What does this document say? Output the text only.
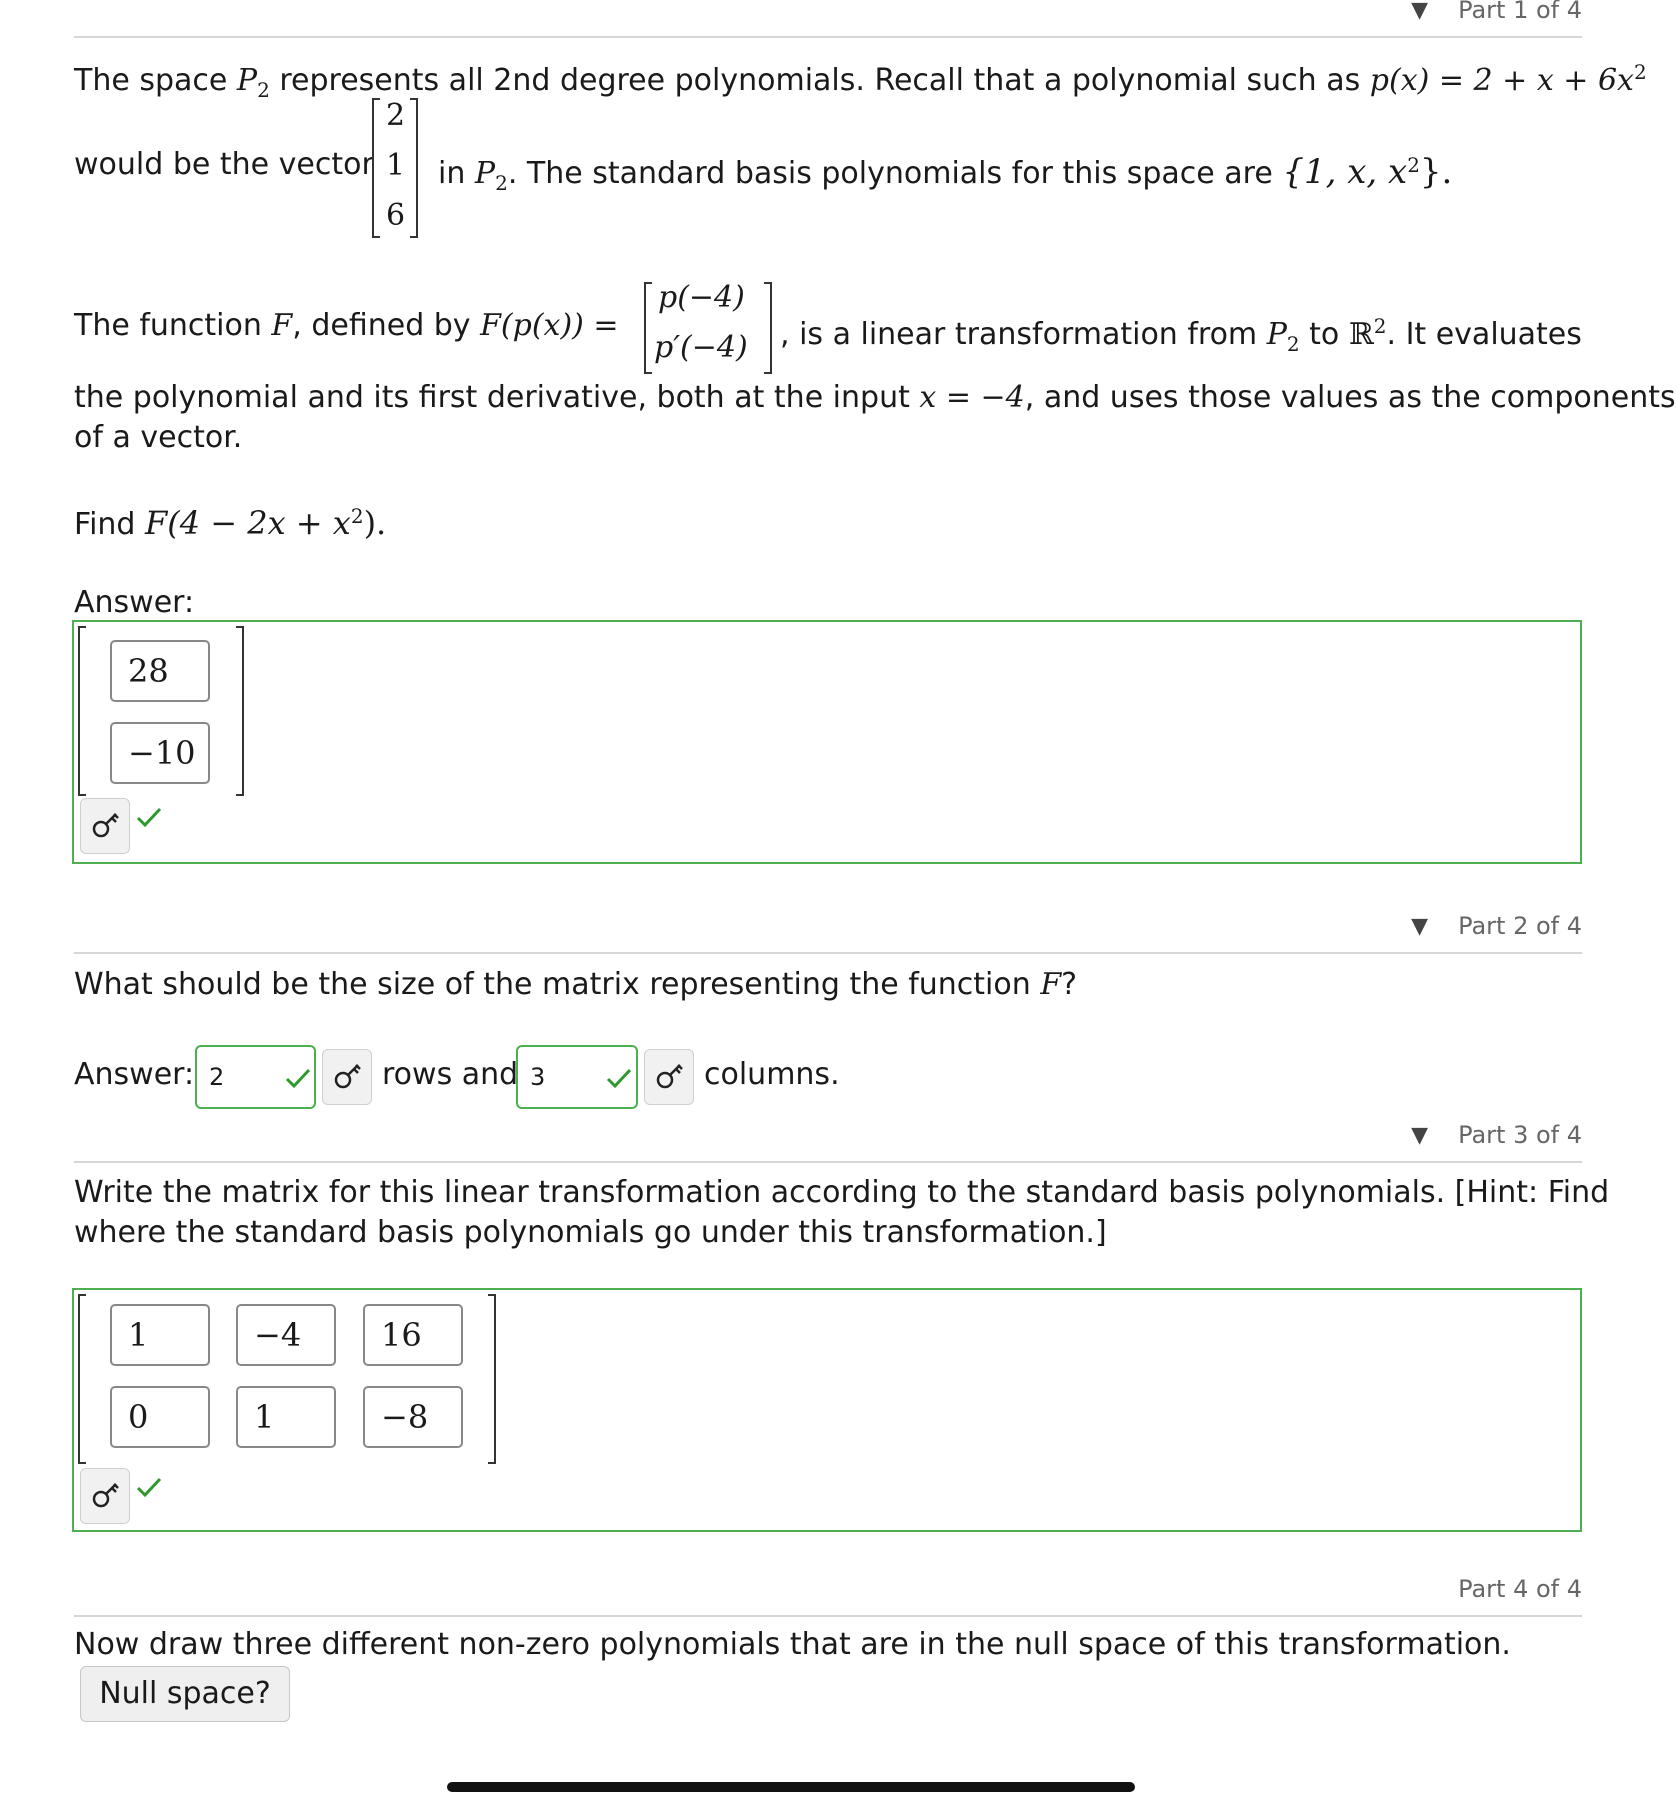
▼ Part 1 of 4
The space $P_2$ represents all 2nd degree polynomials. Recall that a polynomial such as $p(x) = 2 + x + 6x^2$
would be the vector
2
1
6
in $P_2$. The standard basis polynomials for this space are {1, x, $x^2$}.
The function F, defined by F(p(x)) =
p(−4)
p′(−4) , is a linear transformation from $P_2$ to ℝ$^2$. It evaluates
the polynomial and its first derivative, both at the input x = −4, and uses those values as the components
of a vector.
Find $F(4 - 2x + x^2)$.
Answer:
28
−10
▼ Part 2 of 4
What should be the size of the matrix representing the function F?
Answer: 2	rows and 3	columns.
▼ Part 3 of 4
Write the matrix for this linear transformation according to the standard basis polynomials. [Hint: Find
where the standard basis polynomials go under this transformation.]
1	−4	16
0	1	−8
Part 4 of 4
Now draw three different non-zero polynomials that are in the null space of this transformation.
Null space?
